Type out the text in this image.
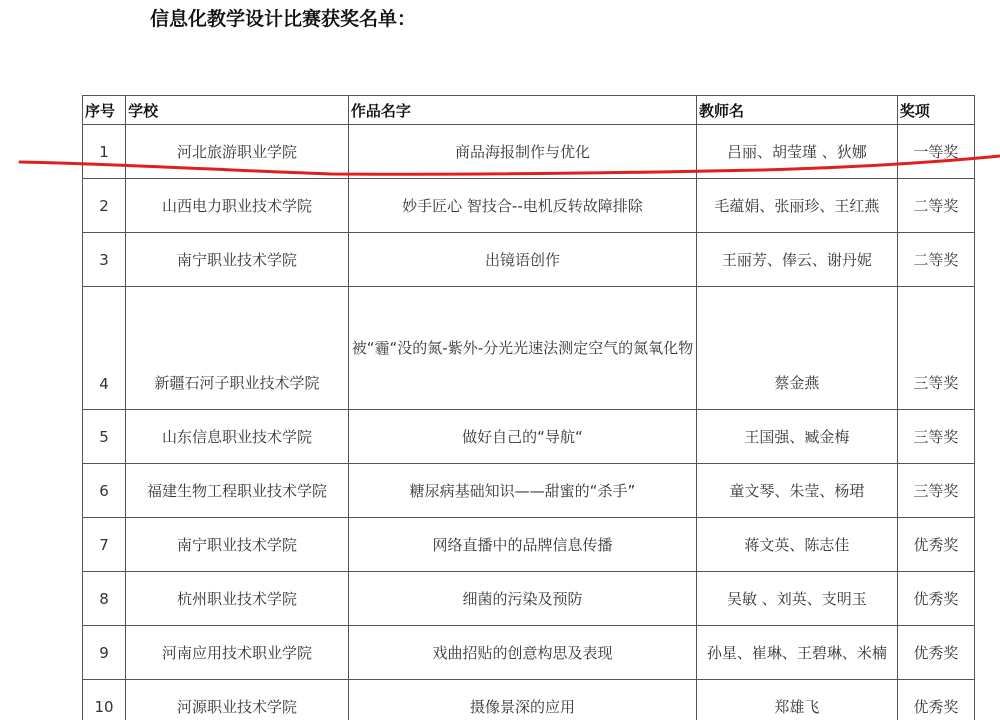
信息化教学设计比赛获奖名单：
序号	学校	作品名字	教师名	奖项
1	河北旅游职业学院	商品海报制作与优化	吕丽、胡莹瑾 、狄娜	一等奖
2	山西电力职业技术学院	妙手匠心 智技合--电机反转故障排除	毛蕴娟、张丽珍、王红燕	二等奖
3	南宁职业技术学院	出镜语创作	王丽芳、俸云、谢丹妮	二等奖
4	新疆石河子职业技术学院	被“霾“没的氮-紫外-分光光速法测定空气的氮氧化物	蔡金燕	三等奖
5	山东信息职业技术学院	做好自己的“导航“	王国强、臧金梅	三等奖
6	福建生物工程职业技术学院	糖尿病基础知识——甜蜜的“杀手”	童文琴、朱莹、杨珺	三等奖
7	南宁职业技术学院	网络直播中的品牌信息传播	蒋文英、陈志佳	优秀奖
8	杭州职业技术学院	细菌的污染及预防	吴敏 、刘英、支明玉	优秀奖
9	河南应用技术职业学院	戏曲招贴的创意构思及表现	孙星、崔琳、王碧琳、米楠	优秀奖
10	河源职业技术学院	摄像景深的应用	郑雄飞	优秀奖
